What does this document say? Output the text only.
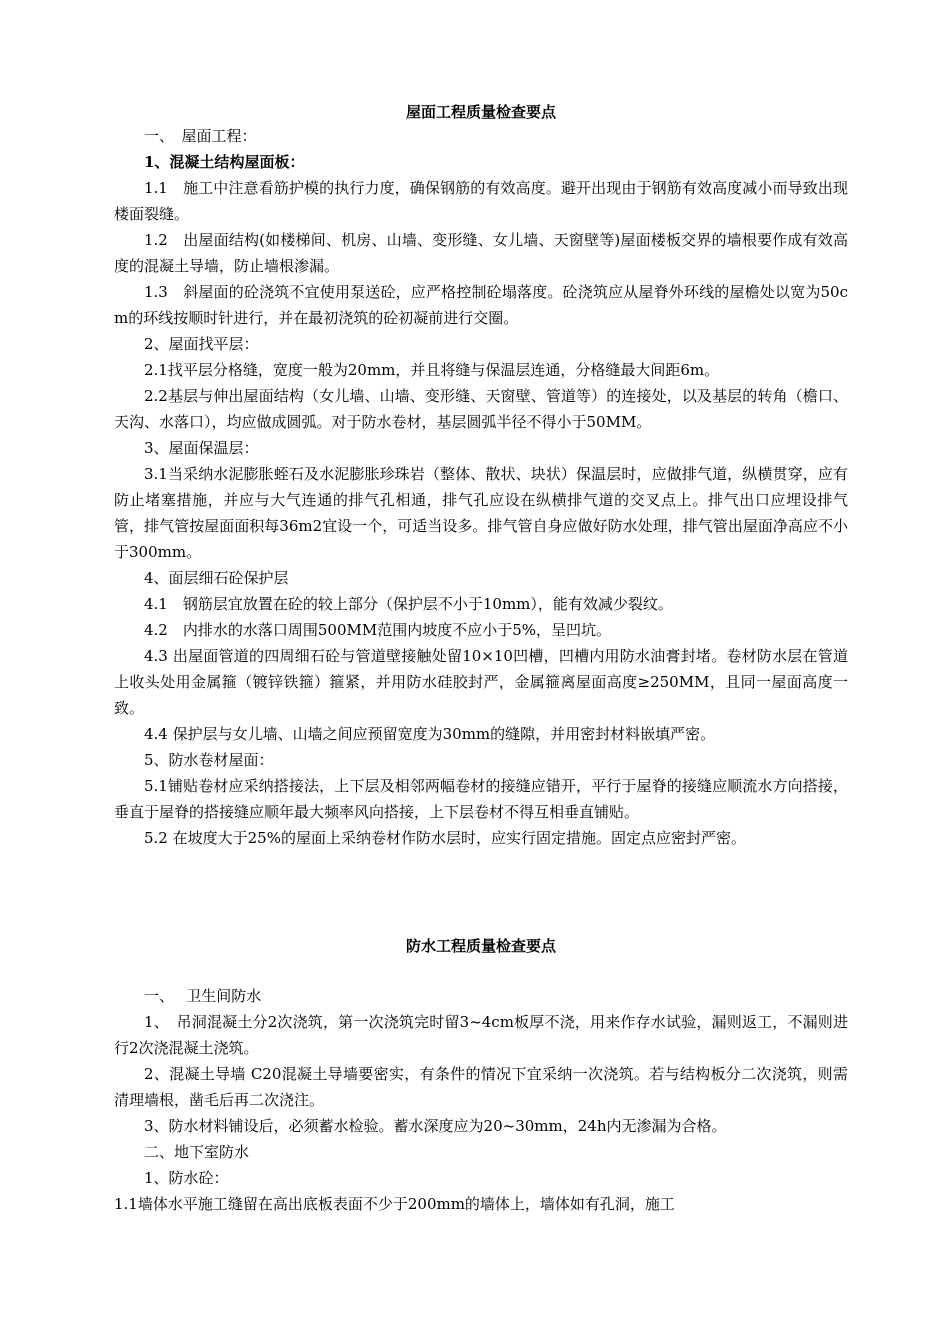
屋面工程质量检查要点

一、　屋面工程：

1、混凝土结构屋面板：

1.1　施工中注意看筋护模的执行力度，确保钢筋的有效高度。避开出现由于钢筋有效高度减小而导致出现楼面裂缝。

1.2　出屋面结构(如楼梯间、机房、山墙、变形缝、女儿墙、天窗壁等)屋面楼板交界的墙根要作成有效高度的混凝土导墙，防止墙根渗漏。

1.3　斜屋面的砼浇筑不宜使用泵送砼，应严格控制砼塌落度。砼浇筑应从屋脊外环线的屋檐处以宽为50cm的环线按顺时针进行，并在最初浇筑的砼初凝前进行交圈。

2、屋面找平层：

2.1找平层分格缝，宽度一般为20mm，并且将缝与保温层连通，分格缝最大间距6m。

2.2基层与伸出屋面结构（女儿墙、山墙、变形缝、天窗壁、管道等）的连接处，以及基层的转角（檐口、天沟、水落口），均应做成圆弧。对于防水卷材，基层圆弧半径不得小于50MM。

3、屋面保温层：

3.1当采纳水泥膨胀蛭石及水泥膨胀珍珠岩（整体、散状、块状）保温层时，应做排气道，纵横贯穿，应有防止堵塞措施，并应与大气连通的排气孔相通，排气孔应设在纵横排气道的交叉点上。排气出口应埋设排气管，排气管按屋面面积每36m2宜设一个，可适当设多。排气管自身应做好防水处理，排气管出屋面净高应不小于300mm。

4、面层细石砼保护层

4.1　钢筋层宜放置在砼的较上部分（保护层不小于10mm），能有效减少裂纹。

4.2　内排水的水落口周围500MM范围内坡度不应小于5%，呈凹坑。

4.3 出屋面管道的四周细石砼与管道壁接触处留10×10凹槽，凹槽内用防水油膏封堵。卷材防水层在管道上收头处用金属箍（镀锌铁箍）箍紧，并用防水硅胶封严，金属箍离屋面高度≥250MM，且同一屋面高度一致。

4.4 保护层与女儿墙、山墙之间应预留宽度为30mm的缝隙，并用密封材料嵌填严密。

5、防水卷材屋面：

5.1铺贴卷材应采纳搭接法，上下层及相邻两幅卷材的接缝应错开，平行于屋脊的接缝应顺流水方向搭接，垂直于屋脊的搭接缝应顺年最大频率风向搭接，上下层卷材不得互相垂直铺贴。

5.2 在坡度大于25%的屋面上采纳卷材作防水层时，应实行固定措施。固定点应密封严密。

防水工程质量检查要点

一、　 卫生间防水

1、　吊洞混凝土分2次浇筑，第一次浇筑完时留3~4cm板厚不浇，用来作存水试验，漏则返工，不漏则进行2次浇混凝土浇筑。

2、混凝土导墙 C20混凝土导墙要密实，有条件的情况下宜采纳一次浇筑。若与结构板分二次浇筑，则需清理墙根，凿毛后再二次浇注。

3、防水材料铺设后，必须蓄水检验。蓄水深度应为20~30mm，24h内无渗漏为合格。

二、地下室防水

1、防水砼：

1.1墙体水平施工缝留在高出底板表面不少于200mm的墙体上，墙体如有孔洞，施工
